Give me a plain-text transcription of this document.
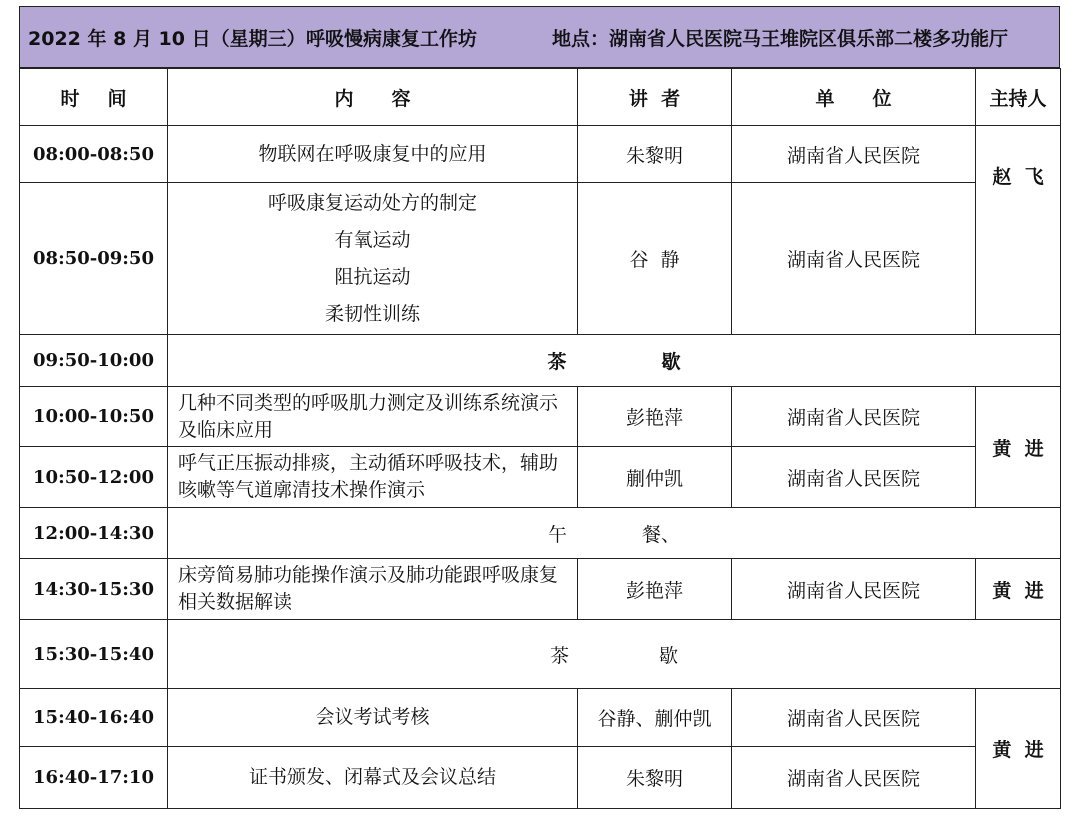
2022 年 8 月 10 日（星期三） 呼吸慢病康复工作坊	地点：湖南省人民医院马王堆院区俱乐部二楼多功能厅
时 间	内 容	讲  者	单 位	主持人
08:00-08:50	物联网在呼吸康复中的应用	朱黎明	湖南省人民医院	赵  飞
08:50-09:50	呼吸康复运动处方的制定
有氧运动
阻抗运动
柔韧性训练	谷  静	湖南省人民医院	
09:50-10:00	茶 歇			
10:00-10:50	几种不同类型的呼吸肌力测定及训练系统演示及临床应用	彭艳萍	湖南省人民医院	黄  进
10:50-12:00	呼气正压振动排痰，主动循环呼吸技术，辅助咳嗽等气道廓清技术操作演示	蒯仲凯	湖南省人民医院	
12:00-14:30	午 餐、			
14:30-15:30	床旁简易肺功能操作演示及肺功能跟呼吸康复相关数据解读	彭艳萍	湖南省人民医院	黄  进
15:30-15:40	茶 歇			
15:40-16:40	会议考试考核	谷静、蒯仲凯	湖南省人民医院	黄  进
16:40-17:10	证书颁发、闭幕式及会议总结	朱黎明	湖南省人民医院	
